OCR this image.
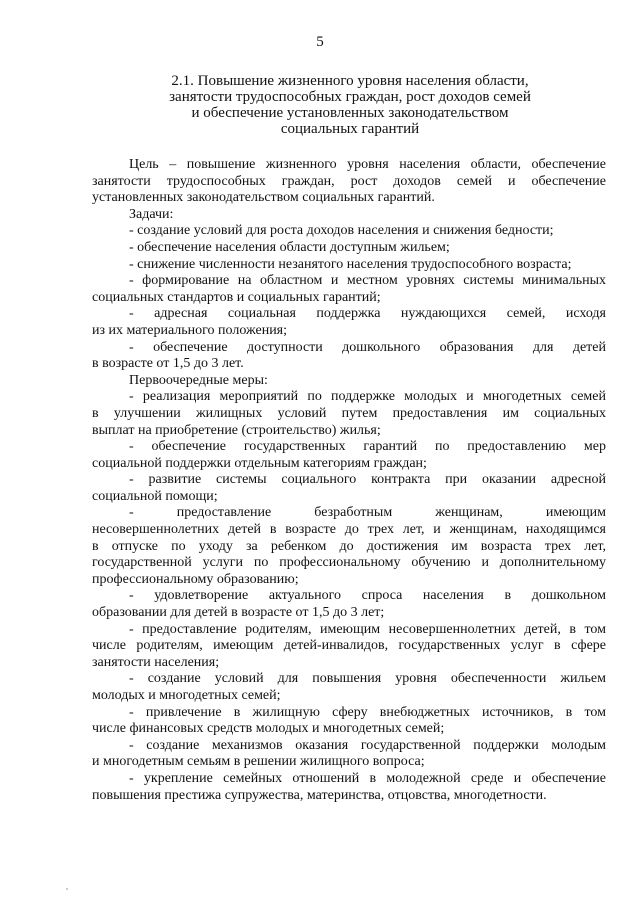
5
2.1. Повышение жизненного уровня населения области,
занятости трудоспособных граждан, рост доходов семей
и обеспечение установленных законодательством
социальных гарантий
Цель – повышение жизненного уровня населения области, обеспечение
занятости трудоспособных граждан, рост доходов семей и обеспечение
установленных законодательством социальных гарантий.
Задачи:
- создание условий для роста доходов населения и снижения бедности;
- обеспечение населения области доступным жильем;
- снижение численности незанятого населения трудоспособного возраста;
- формирование на областном и местном уровнях системы минимальных
социальных стандартов и социальных гарантий;
- адресная социальная поддержка нуждающихся семей, исходя
из их материального положения;
- обеспечение доступности дошкольного образования для детей
в возрасте от 1,5 до 3 лет.
Первоочередные меры:
- реализация мероприятий по поддержке молодых и многодетных семей
в улучшении жилищных условий путем предоставления им социальных
выплат на приобретение (строительство) жилья;
- обеспечение государственных гарантий по предоставлению мер
социальной поддержки отдельным категориям граждан;
- развитие системы социального контракта при оказании адресной
социальной помощи;
- предоставление безработным женщинам, имеющим
несовершеннолетних детей в возрасте до трех лет, и женщинам, находящимся
в отпуске по уходу за ребенком до достижения им возраста трех лет,
государственной услуги по профессиональному обучению и дополнительному
профессиональному образованию;
- удовлетворение актуального спроса населения в дошкольном
образовании для детей в возрасте от 1,5 до 3 лет;
- предоставление родителям, имеющим несовершеннолетних детей, в том
числе родителям, имеющим детей-инвалидов, государственных услуг в сфере
занятости населения;
- создание условий для повышения уровня обеспеченности жильем
молодых и многодетных семей;
- привлечение в жилищную сферу внебюджетных источников, в том
числе финансовых средств молодых и многодетных семей;
- создание механизмов оказания государственной поддержки молодым
и многодетным семьям в решении жилищного вопроса;
- укрепление семейных отношений в молодежной среде и обеспечение
повышения престижа супружества, материнства, отцовства, многодетности.
